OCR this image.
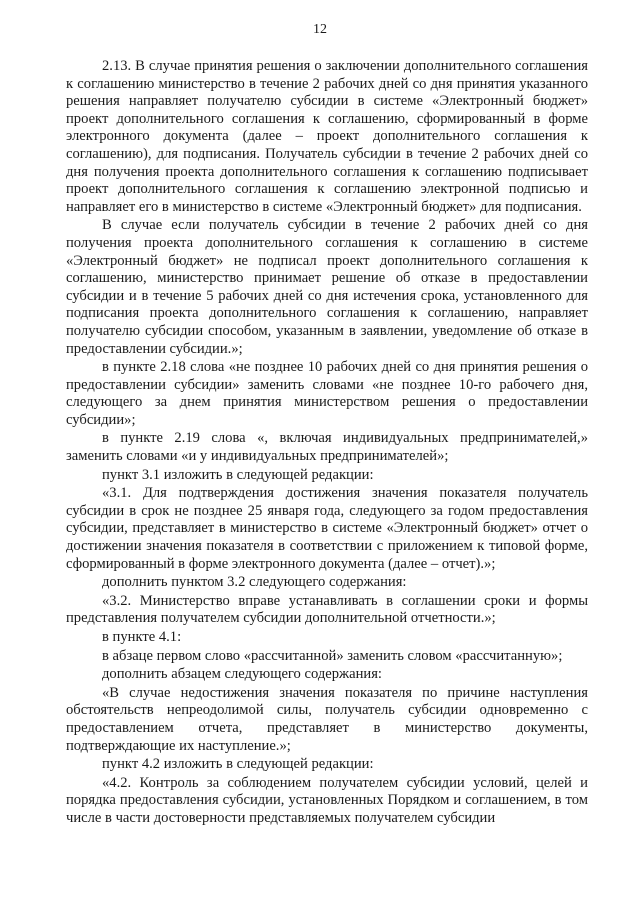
12

2.13. В случае принятия решения о заключении дополнительного соглашения к соглашению министерство в течение 2 рабочих дней со дня принятия указанного решения направляет получателю субсидии в системе «Электронный бюджет» проект дополнительного соглашения к соглашению, сформированный в форме электронного документа (далее – проект дополнительного соглашения к соглашению), для подписания. Получатель субсидии в течение 2 рабочих дней со дня получения проекта дополнительного соглашения к соглашению подписывает проект дополнительного соглашения к соглашению электронной подписью и направляет его в министерство в системе «Электронный бюджет» для подписания.

В случае если получатель субсидии в течение 2 рабочих дней со дня получения проекта дополнительного соглашения к соглашению в системе «Электронный бюджет» не подписал проект дополнительного соглашения к соглашению, министерство принимает решение об отказе в предоставлении субсидии и в течение 5 рабочих дней со дня истечения срока, установленного для подписания проекта дополнительного соглашения к соглашению, направляет получателю субсидии способом, указанным в заявлении, уведомление об отказе в предоставлении субсидии.»;

в пункте 2.18 слова «не позднее 10 рабочих дней со дня принятия решения о предоставлении субсидии» заменить словами «не позднее 10-го рабочего дня, следующего за днем принятия министерством решения о предоставлении субсидии»;

в пункте 2.19 слова «, включая индивидуальных предпринимателей,» заменить словами «и у индивидуальных предпринимателей»;

пункт 3.1 изложить в следующей редакции:

«3.1. Для подтверждения достижения значения показателя получатель субсидии в срок не позднее 25 января года, следующего за годом предоставления субсидии, представляет в министерство в системе «Электронный бюджет» отчет о достижении значения показателя в соответствии с приложением к типовой форме, сформированный в форме электронного документа (далее – отчет).»;

дополнить пунктом 3.2 следующего содержания:

«3.2. Министерство вправе устанавливать в соглашении сроки и формы представления получателем субсидии дополнительной отчетности.»;

в пункте 4.1:

в абзаце первом слово «рассчитанной» заменить словом «рассчитанную»;

дополнить абзацем следующего содержания:

«В случае недостижения значения показателя по причине наступления обстоятельств непреодолимой силы, получатель субсидии одновременно с предоставлением отчета, представляет в министерство документы, подтверждающие их наступление.»;

пункт 4.2 изложить в следующей редакции:

«4.2. Контроль за соблюдением получателем субсидии условий, целей и порядка предоставления субсидии, установленных Порядком и соглашением, в том числе в части достоверности представляемых получателем субсидии
